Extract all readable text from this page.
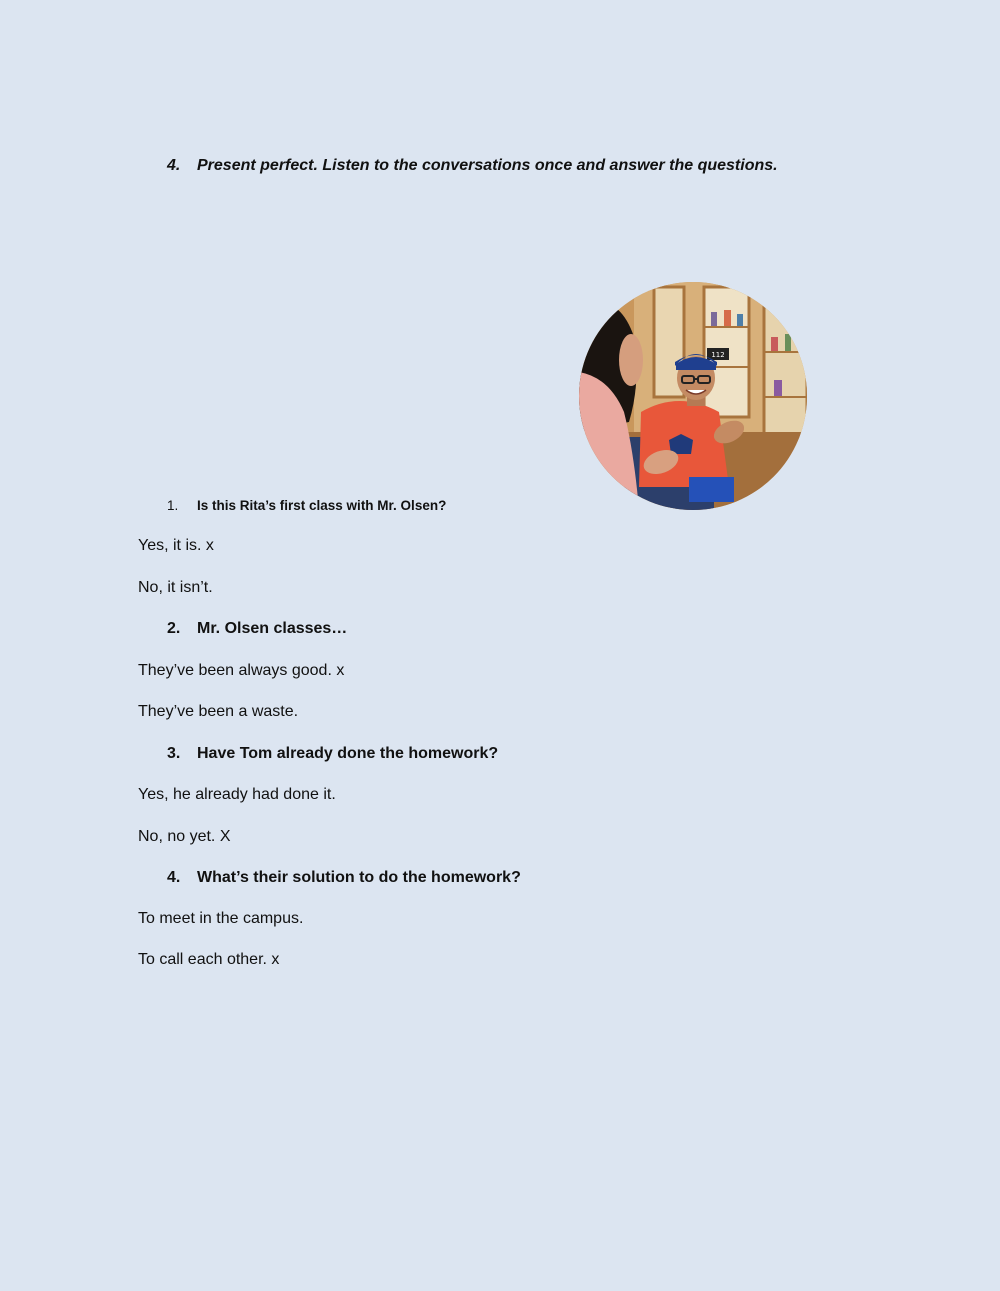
4. Present perfect. Listen to the conversations once and answer the questions.
112
1. Is this Rita’s first class with Mr. Olsen?
Yes, it is. x
No, it isn’t.
2. Mr. Olsen classes…
They’ve been always good. x
They’ve been a waste.
3. Have Tom already done the homework?
Yes, he already had done it.
No, no yet. X
4. What’s their solution to do the homework?
To meet in the campus.
To call each other. x
